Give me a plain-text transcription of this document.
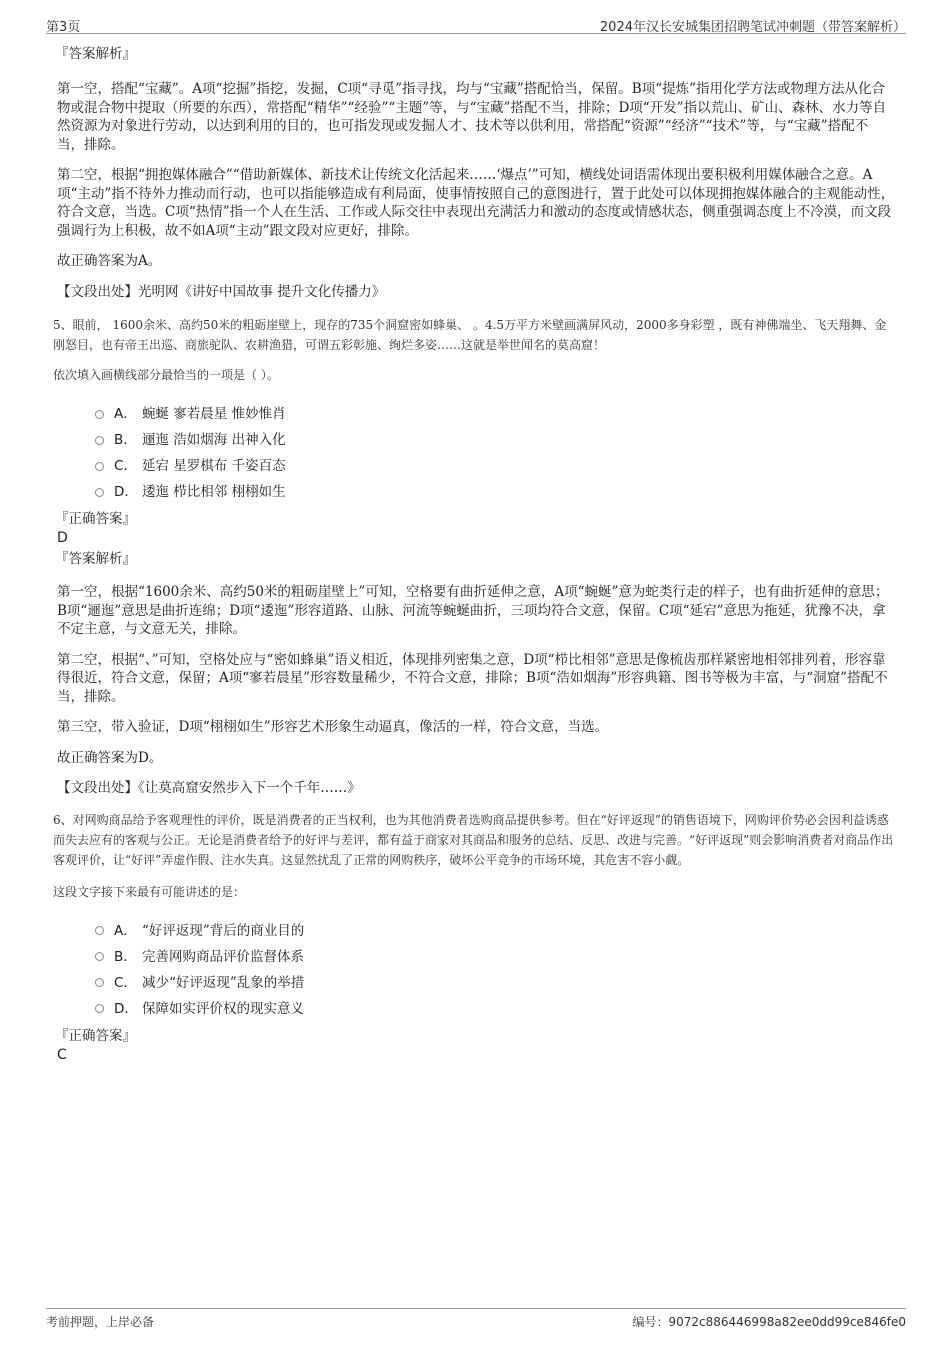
第3页	2024年汉长安城集团招聘笔试冲刺题（带答案解析）
『答案解析』

第一空，搭配“宝藏”。A项“挖掘”指挖，发掘，C项“寻觅”指寻找，均与“宝藏”搭配恰当，保留。B项“提炼”指用化学方法或物理方法从化合物或混合物中提取（所要的东西），常搭配“精华”“经验”“主题”等，与“宝藏”搭配不当，排除；D项“开发”指以荒山、矿山、森林、水力等自然资源为对象进行劳动，以达到利用的目的，也可指发现或发掘人才、技术等以供利用，常搭配“资源”“经济”“技术”等，与“宝藏”搭配不当，排除。

第二空，根据“拥抱媒体融合”“借助新媒体、新技术让传统文化活起来……‘爆点’”可知，横线处词语需体现出要积极利用媒体融合之意。A项“主动”指不待外力推动而行动，也可以指能够造成有利局面，使事情按照自己的意图进行，置于此处可以体现拥抱媒体融合的主观能动性，符合文意，当选。C项“热情”指一个人在生活、工作或人际交往中表现出充满活力和激动的态度或情感状态，侧重强调态度上不冷漠，而文段强调行为上积极，故不如A项“主动”跟文段对应更好，排除。

故正确答案为A。

【文段出处】光明网《讲好中国故事 提升文化传播力》

5、眼前， 1600余米、高约50米的粗砺崖壁上，现存的735个洞窟密如蜂巢、 。4.5万平方米壁画满屏风动，2000多身彩塑 ，既有神佛端坐、飞天翔舞、金刚怒目，也有帝王出巡、商旅驼队、农耕渔猎，可谓五彩彰施、绚烂多姿……这就是举世闻名的莫高窟！

依次填入画横线部分最恰当的一项是（ ）。

A． 蜿蜒 寥若晨星 惟妙惟肖
B． 逦迤 浩如烟海 出神入化
C． 延宕 星罗棋布 千姿百态
D． 逶迤 栉比相邻 栩栩如生
『正确答案』
D
『答案解析』

第一空，根据“1600余米、高约50米的粗砺崖壁上”可知，空格要有曲折延伸之意，A项“蜿蜒”意为蛇类行走的样子，也有曲折延伸的意思；B项“逦迤”意思是曲折连绵；D项“逶迤”形容道路、山脉、河流等蜿蜒曲折，三项均符合文意，保留。C项“延宕”意思为拖延，犹豫不决，拿不定主意，与文意无关，排除。

第二空，根据“、”可知，空格处应与“密如蜂巢”语义相近，体现排列密集之意，D项“栉比相邻”意思是像梳齿那样紧密地相邻排列着，形容靠得很近，符合文意，保留；A项“寥若晨星”形容数量稀少，不符合文意，排除；B项“浩如烟海”形容典籍、图书等极为丰富，与“洞窟”搭配不当，排除。

第三空，带入验证，D项“栩栩如生”形容艺术形象生动逼真，像活的一样，符合文意，当选。

故正确答案为D。

【文段出处】《让莫高窟安然步入下一个千年……》

6、对网购商品给予客观理性的评价，既是消费者的正当权利，也为其他消费者选购商品提供参考。但在“好评返现”的销售语境下，网购评价势必会因利益诱惑而失去应有的客观与公正。无论是消费者给予的好评与差评，都有益于商家对其商品和服务的总结、反思、改进与完善。“好评返现”则会影响消费者对商品作出客观评价，让“好评”弄虚作假、注水失真。这显然扰乱了正常的网购秩序，破坏公平竞争的市场环境，其危害不容小觑。

这段文字接下来最有可能讲述的是：

A． “好评返现”背后的商业目的
B． 完善网购商品评价监督体系
C． 减少“好评返现”乱象的举措
D． 保障如实评价权的现实意义
『正确答案』
C
考前押题，上岸必备	编号：9072c886446998a82ee0dd99ce846fe0
